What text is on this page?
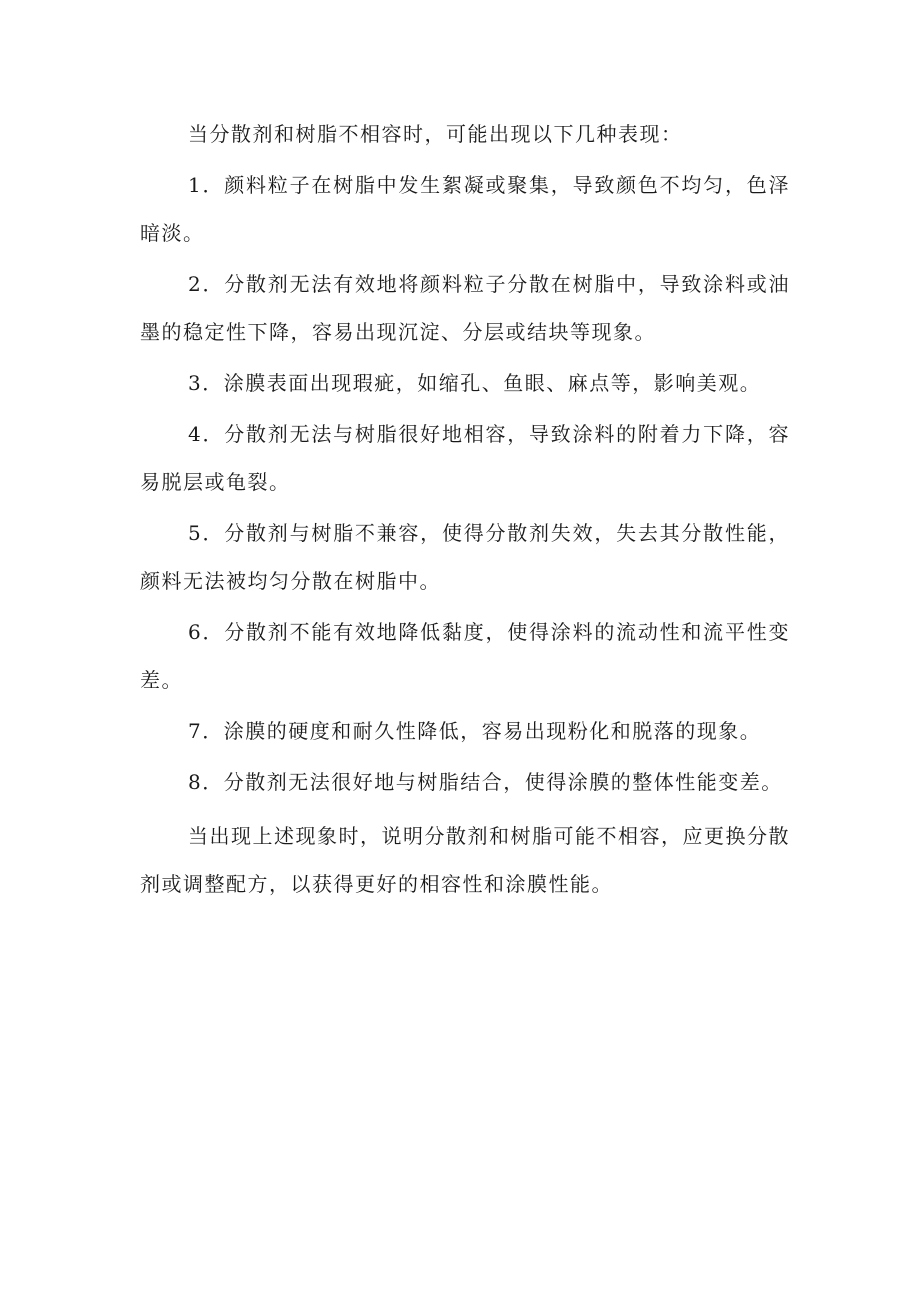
当分散剂和树脂不相容时，可能出现以下几种表现：

1．颜料粒子在树脂中发生絮凝或聚集，导致颜色不均匀，色泽暗淡。

2．分散剂无法有效地将颜料粒子分散在树脂中，导致涂料或油墨的稳定性下降，容易出现沉淀、分层或结块等现象。

3．涂膜表面出现瑕疵，如缩孔、鱼眼、麻点等，影响美观。

4．分散剂无法与树脂很好地相容，导致涂料的附着力下降，容易脱层或龟裂。

5．分散剂与树脂不兼容，使得分散剂失效，失去其分散性能，颜料无法被均匀分散在树脂中。

6．分散剂不能有效地降低黏度，使得涂料的流动性和流平性变差。

7．涂膜的硬度和耐久性降低，容易出现粉化和脱落的现象。

8．分散剂无法很好地与树脂结合，使得涂膜的整体性能变差。

当出现上述现象时，说明分散剂和树脂可能不相容，应更换分散剂或调整配方，以获得更好的相容性和涂膜性能。
